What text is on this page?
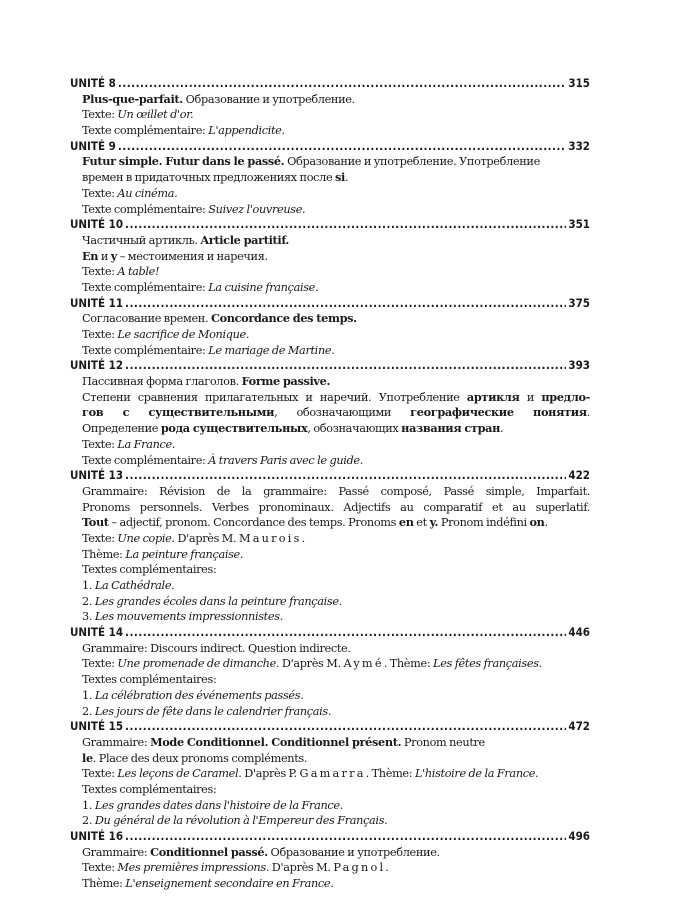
UNITÉ 8 .....	315
Plus-que-parfait. Образование и употребление.
Texte: Un œillet d'or.
Texte complémentaire: L'appendicite.
UNITÉ 9 .....	332
Futur simple. Futur dans le passé. Образование и употребление. Употребление
времен в придаточных предложениях после si.
Texte: Au cinéma.
Texte complémentaire: Suivez l'ouvreuse.
UNITÉ 10 .....	351
Частичный артикль. Article partitif.
En и y – местоимения и наречия.
Texte: A table!
Texte complémentaire: La cuisine française.
UNITÉ 11 .....	375
Согласование времен. Concordance des temps.
Texte: Le sacrifice de Monique.
Texte complémentaire: Le mariage de Martine.
UNITÉ 12 .....	393
Пассивная форма глаголов. Forme passive.
Степени сравнения прилагательных и наречий. Употребление артикля и предло-
гов с существительными, обозначающими географические понятия.
Определение рода существительных, обозначающих названия стран.
Texte: La France.
Texte complémentaire: À travers Paris avec le guide.
UNITÉ 13 .....	422
Grammaire: Révision de la grammaire: Passé composé, Passé simple, Imparfait.
Pronoms personnels. Verbes pronominaux. Adjectifs au comparatif et au superlatif.
Tout – adjectif, pronom. Concordance des temps. Pronoms en et y. Pronom indéfini on.
Texte: Une copie. D'après M. Maurois.
Thème: La peinture française.
Textes complémentaires:
1. La Cathédrale.
2. Les grandes écoles dans la peinture française.
3. Les mouvements impressionnistes.
UNITÉ 14 .....	446
Grammaire: Discours indirect. Question indirecte.
Texte: Une promenade de dimanche. D'après M. Aymé. Thème: Les fêtes françaises.
Textes complémentaires:
1. La célébration des événements passés.
2. Les jours de fête dans le calendrier français.
UNITÉ 15 .....	472
Grammaire: Mode Conditionnel. Conditionnel présent. Pronom neutre
le. Place des deux pronoms compléments.
Texte: Les leçons de Caramel. D'après P. Gamarra. Thème: L'histoire de la France.
Textes complémentaires:
1. Les grandes dates dans l'histoire de la France.
2. Du général de la révolution à l'Empereur des Français.
UNITÉ 16 .....	496
Grammaire: Conditionnel passé. Образование и употребление.
Texte: Mes premières impressions. D'après M. Pagnol.
Thème: L'enseignement secondaire en France.
